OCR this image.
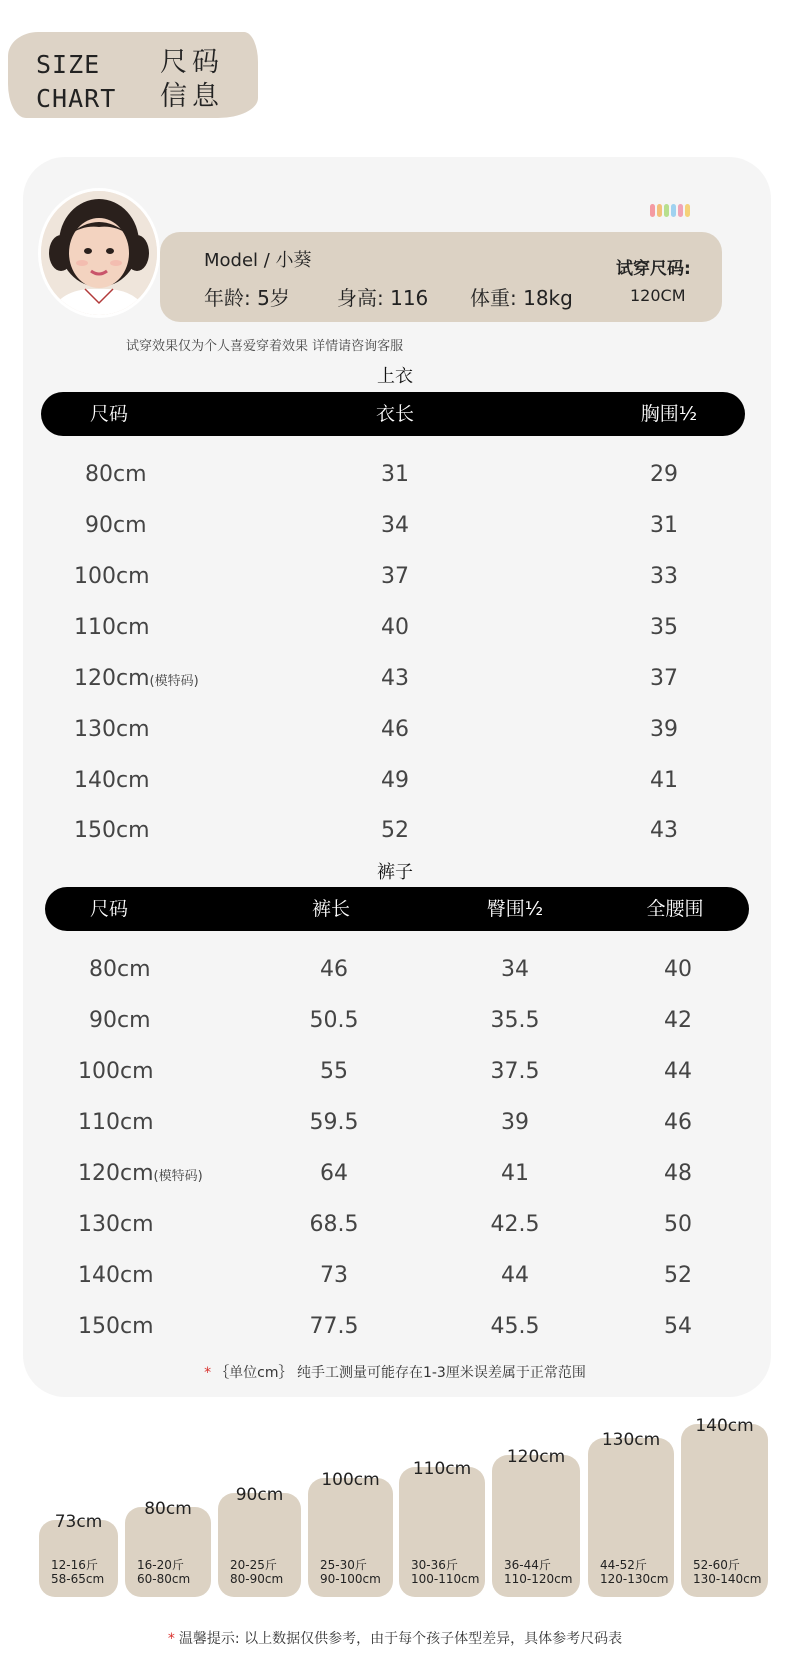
SIZE
CHART
尺码
信息
Model / 小葵
年龄: 5岁 身高: 116 体重: 18kg
试穿尺码:
120CM
试穿效果仅为个人喜爱穿着效果 详情请咨询客服
上衣
尺码	衣长	胸围½
80cm	31	29
90cm	34	31
100cm	37	33
110cm	40	35
120cm(模特码)	43	37
130cm	46	39
140cm	49	41
150cm	52	43
裤子
尺码	裤长	臀围½	全腰围
80cm	46	34	40
90cm	50.5	35.5	42
100cm	55	37.5	44
110cm	59.5	39	46
120cm(模特码)	64	41	48
130cm	68.5	42.5	50
140cm	73	44	52
150cm	77.5	45.5	54
* ｛单位cm｝ 纯手工测量可能存在1-3厘米误差属于正常范围
73cm
12-16斤
58-65cm
80cm
16-20斤
60-80cm
90cm
20-25斤
80-90cm
100cm
25-30斤
90-100cm
110cm
30-36斤
100-110cm
120cm
36-44斤
110-120cm
130cm
44-52斤
120-130cm
140cm
52-60斤
130-140cm
* 温馨提示: 以上数据仅供参考，由于每个孩子体型差异，具体参考尺码表
